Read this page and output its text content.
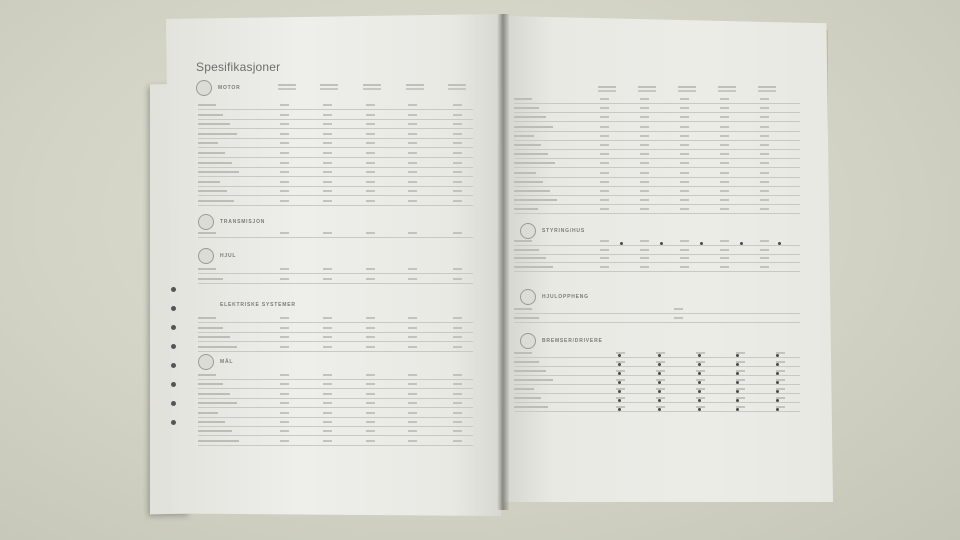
Spesifikasjoner
MOTOR
TRANSMISJON
HJUL
ELEKTRISKE SYSTEMER
MÅL
STYRING/HUS
HJULOPPHENG
BREMSER/DRIVERE
